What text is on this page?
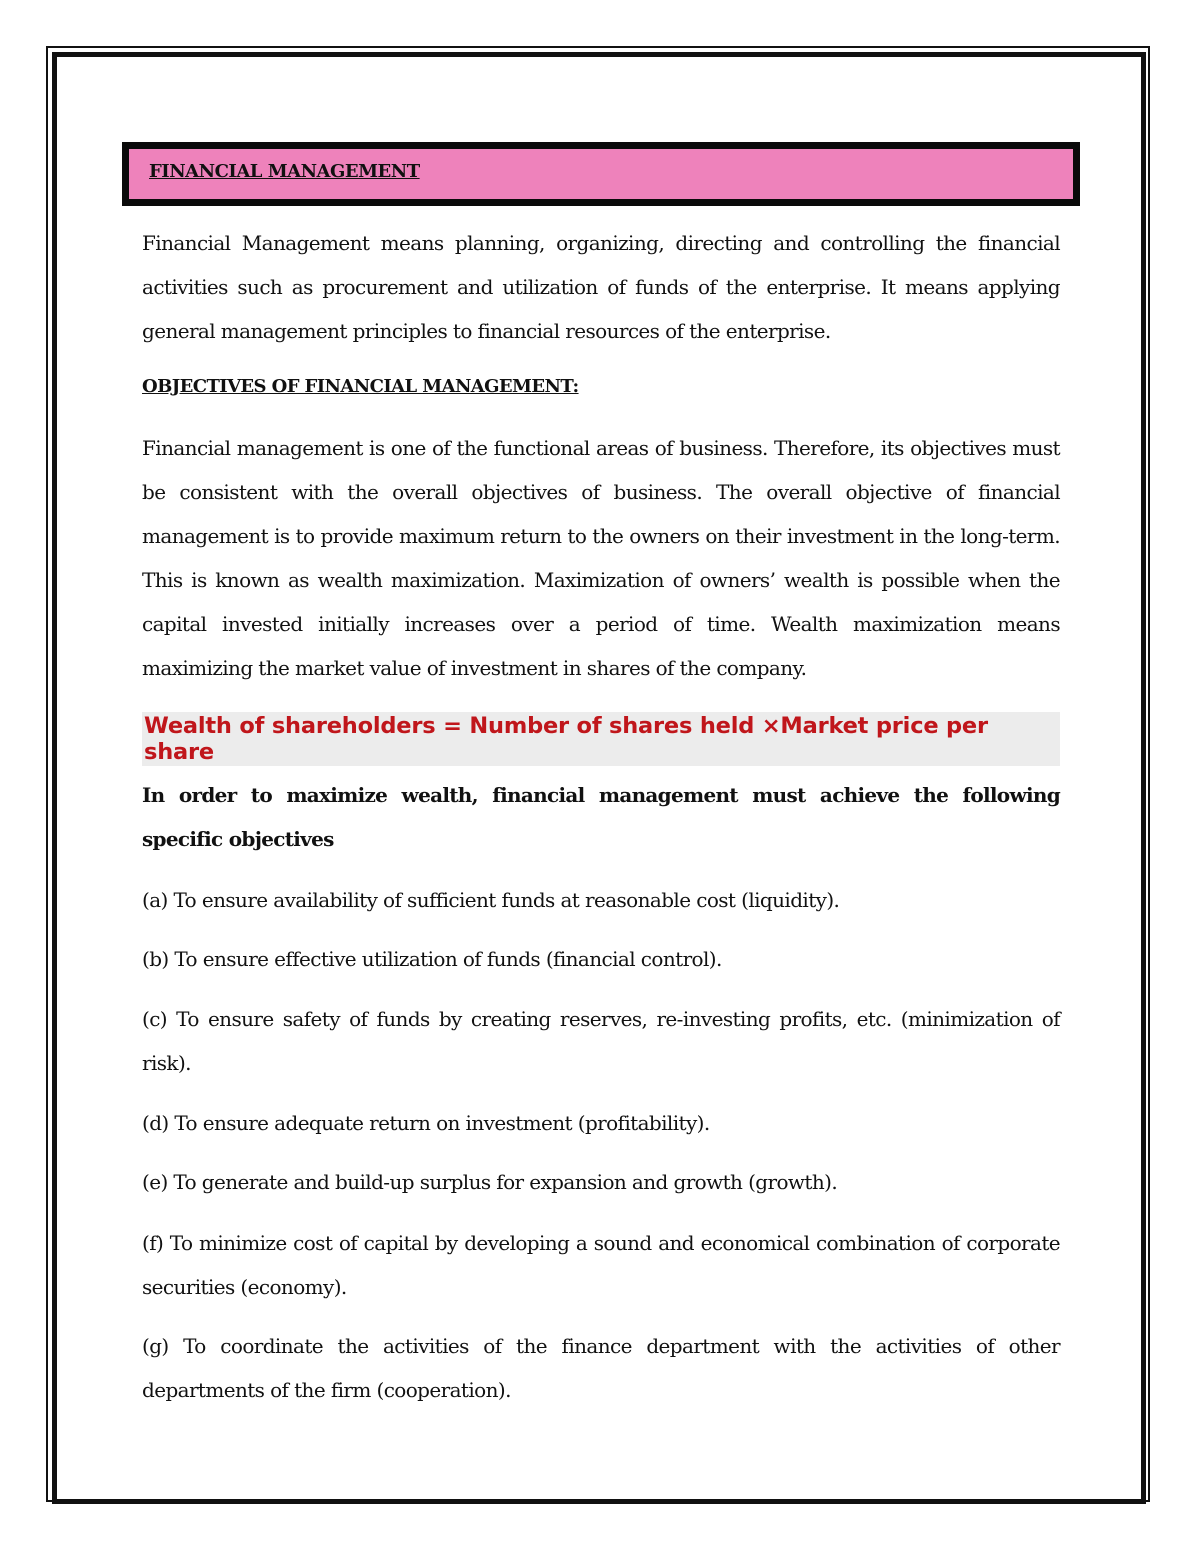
FINANCIAL MANAGEMENT

Financial Management means planning, organizing, directing and controlling the financial activities such as procurement and utilization of funds of the enterprise. It means applying general management principles to financial resources of the enterprise.

OBJECTIVES OF FINANCIAL MANAGEMENT:

Financial management is one of the functional areas of business. Therefore, its objectives must be consistent with the overall objectives of business. The overall objective of financial management is to provide maximum return to the owners on their investment in the long-term. This is known as wealth maximization. Maximization of owners’ wealth is possible when the capital invested initially increases over a period of time. Wealth maximization means maximizing the market value of investment in shares of the company.

Wealth of shareholders = Number of shares held ×Market price per share

In order to maximize wealth, financial management must achieve the following specific objectives

(a) To ensure availability of sufficient funds at reasonable cost (liquidity).

(b) To ensure effective utilization of funds (financial control).

(c) To ensure safety of funds by creating reserves, re-investing profits, etc. (minimization of risk).

(d) To ensure adequate return on investment (profitability).

(e) To generate and build-up surplus for expansion and growth (growth).

(f) To minimize cost of capital by developing a sound and economical combination of corporate securities (economy).

(g) To coordinate the activities of the finance department with the activities of other departments of the firm (cooperation).
